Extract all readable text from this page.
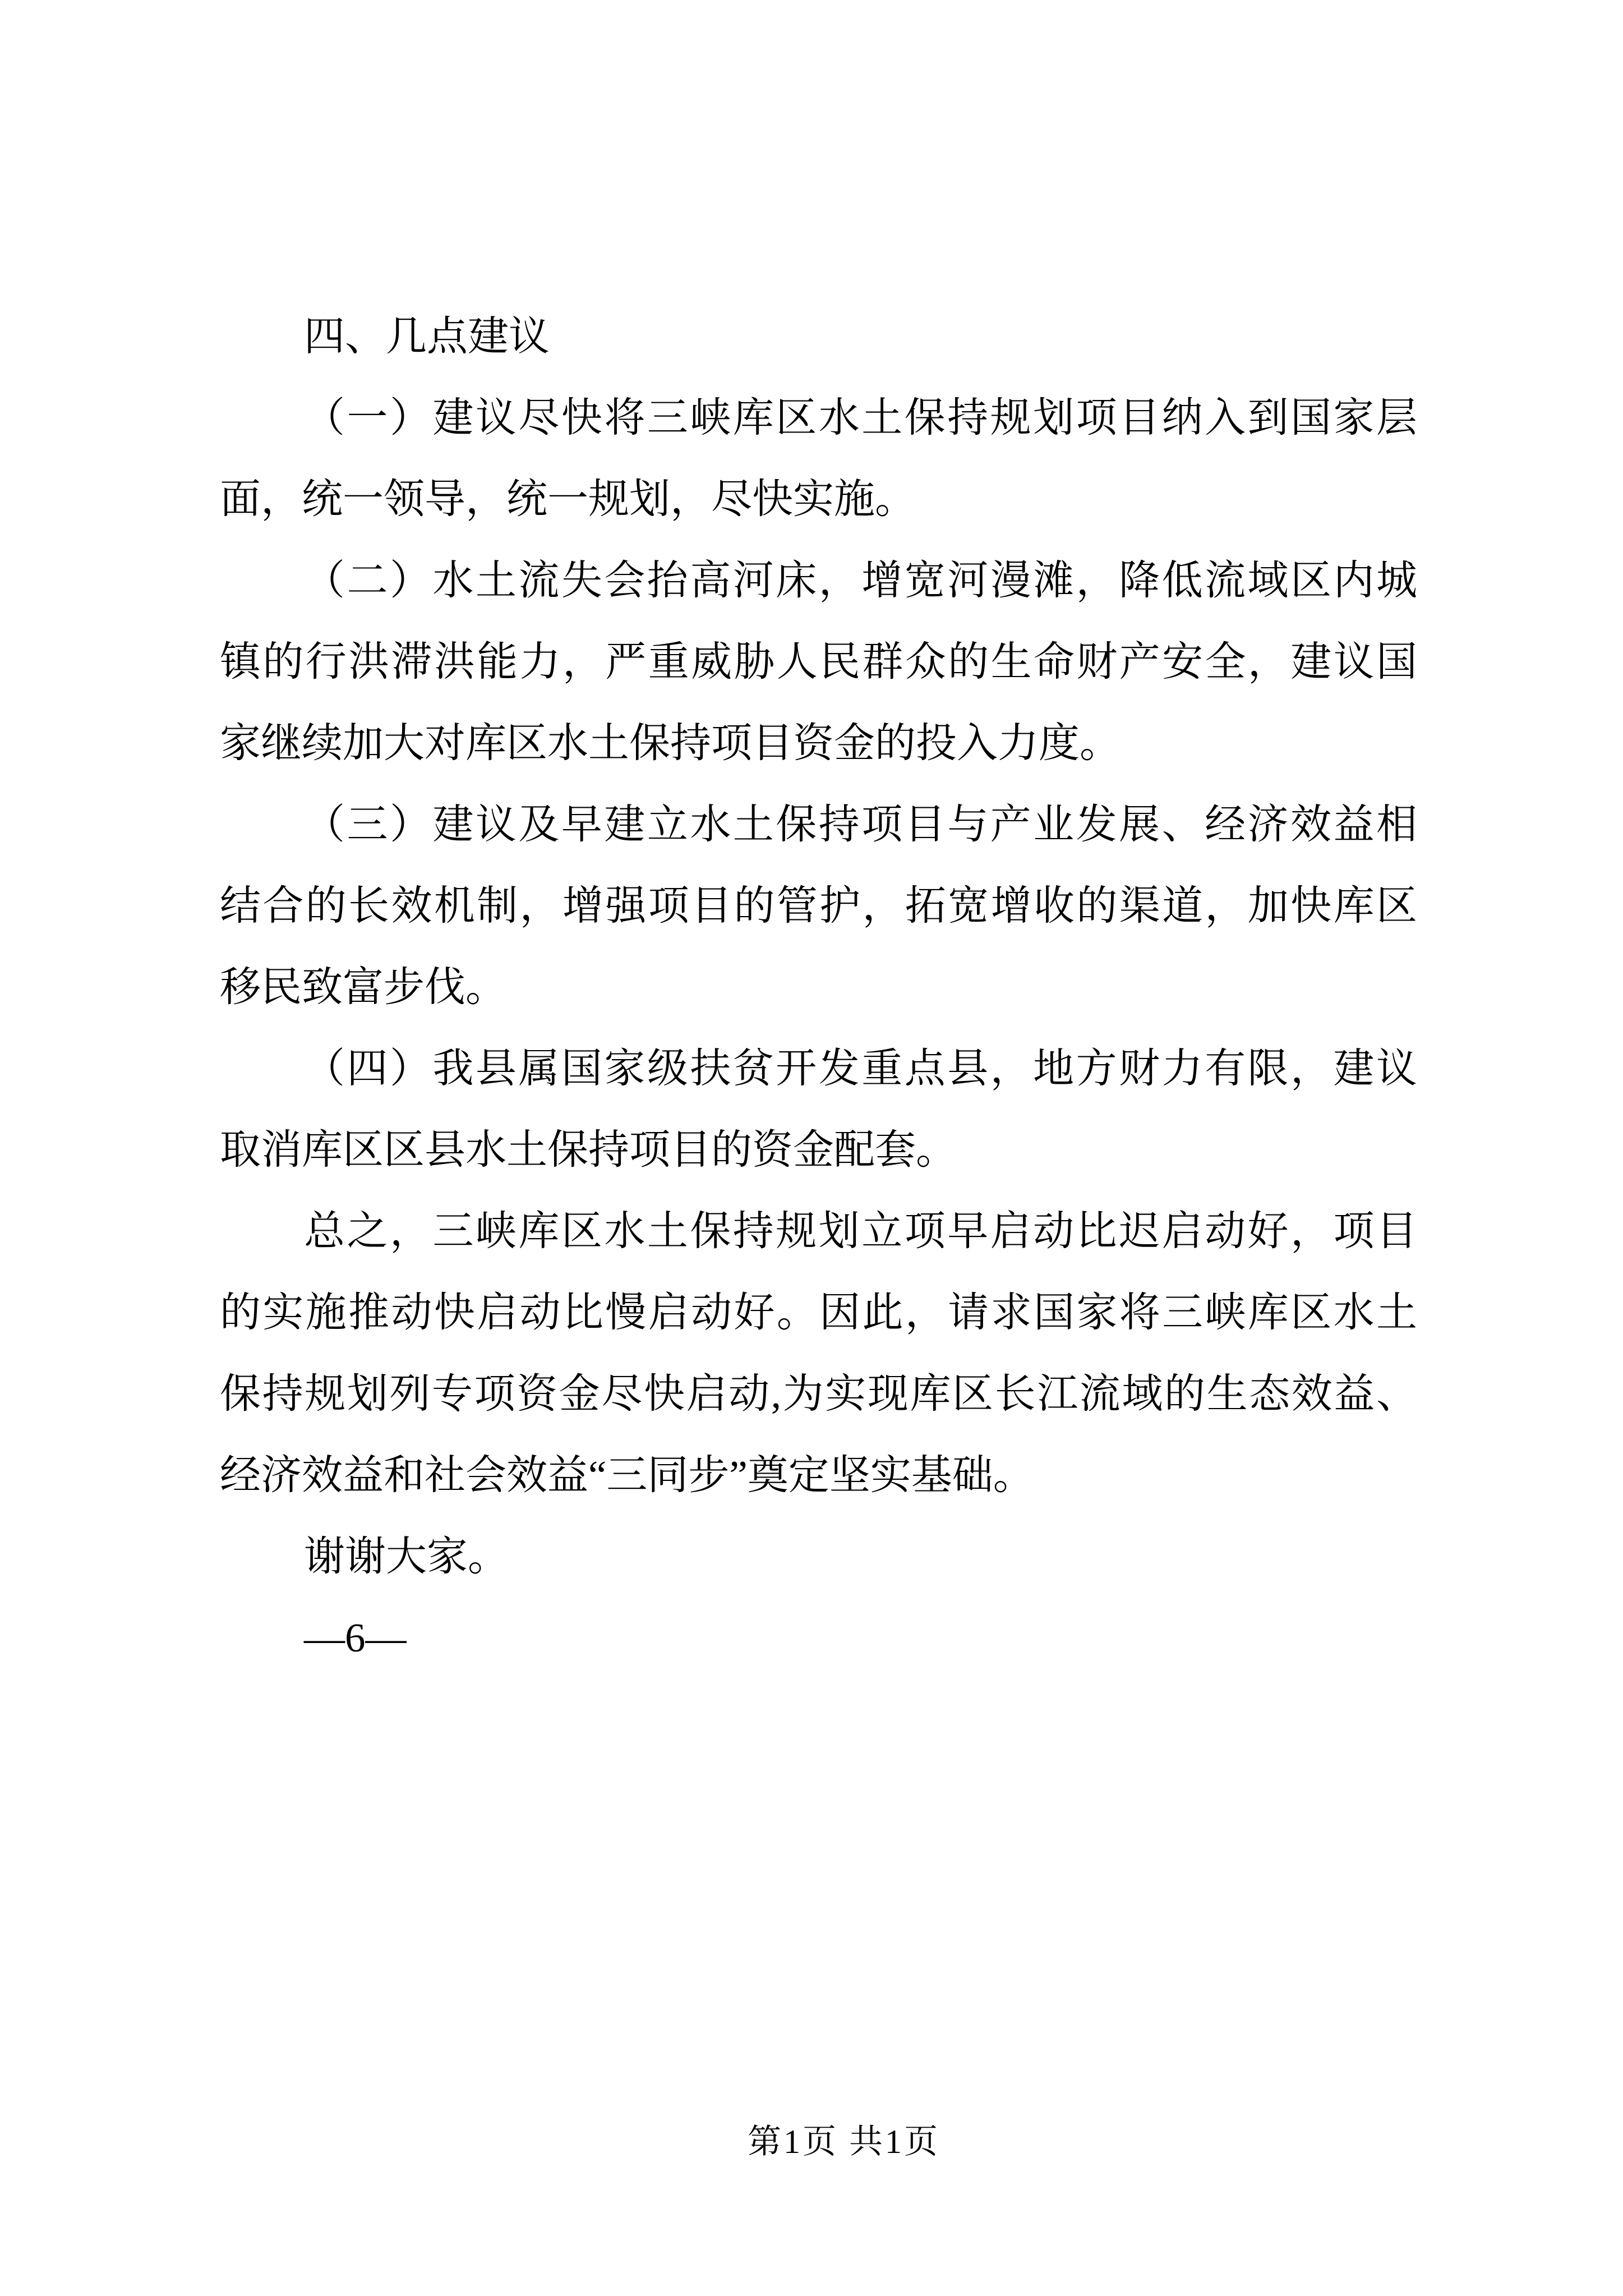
四、几点建议
（一）建议尽快将三峡库区水土保持规划项目纳入到国家层
面，统一领导，统一规划，尽快实施。
（二）水土流失会抬高河床，增宽河漫滩，降低流域区内城
镇的行洪滞洪能力，严重威胁人民群众的生命财产安全，建议国
家继续加大对库区水土保持项目资金的投入力度。
（三）建议及早建立水土保持项目与产业发展、经济效益相
结合的长效机制，增强项目的管护，拓宽增收的渠道，加快库区
移民致富步伐。
（四）我县属国家级扶贫开发重点县，地方财力有限，建议
取消库区区县水土保持项目的资金配套。
总之，三峡库区水土保持规划立项早启动比迟启动好，项目
的实施推动快启动比慢启动好。因此，请求国家将三峡库区水土
保持规划列专项资金尽快启动,为实现库区长江流域的生态效益、
经济效益和社会效益“三同步”奠定坚实基础。
谢谢大家。
—6—
第1页 共1页
